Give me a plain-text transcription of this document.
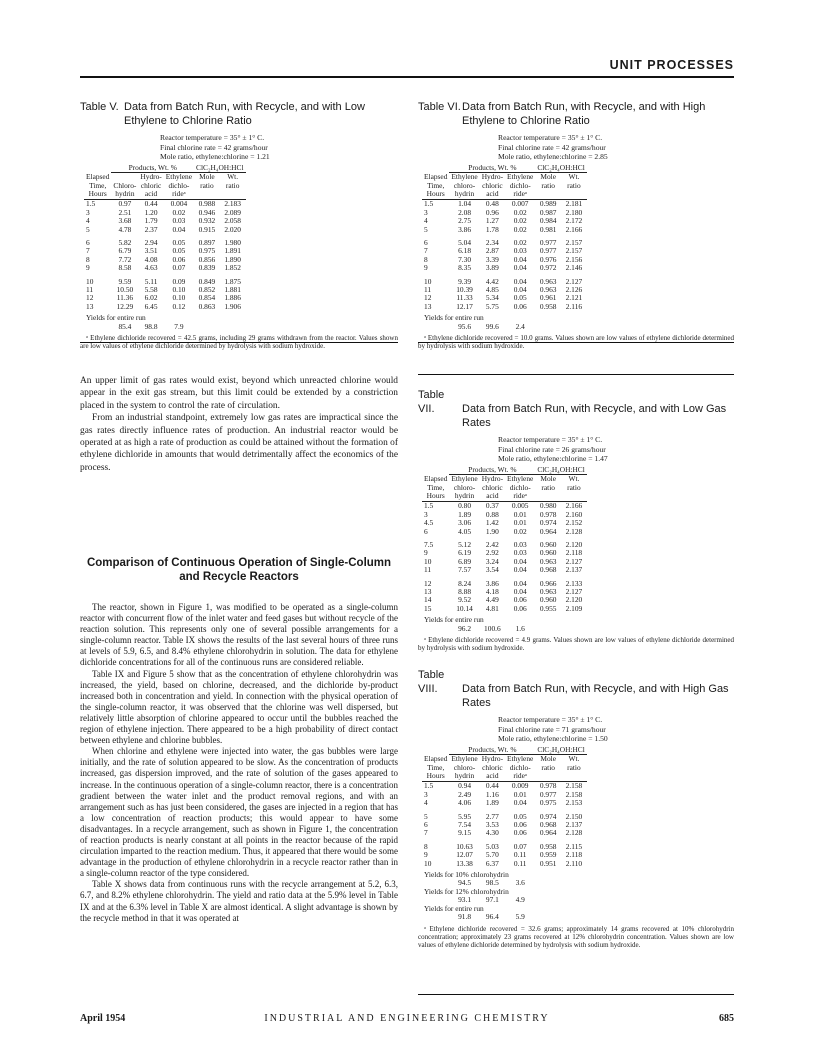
UNIT PROCESSES
Table V. Data from Batch Run, with Recycle, and with Low Ethylene to Chlorine Ratio
Reactor temperature = 35° ± 1° C.
Final chlorine rate = 42 grams/hour
Mole ratio, ethylene:chlorine = 1.21
	Products, Wt. %			ClC₂H₄OH:HCl	
Elapsed		Hydro-	Ethylene	Mole	Wt.
Time,	Chloro-	chloric	dichlo-	ratio	ratio
Hours	hydrin	acid	rideᵃ		
1.5	0.97	0.44	0.004	0.988	2.183
3	2.51	1.20	0.02	0.946	2.089
4	3.68	1.79	0.03	0.932	2.058
5	4.78	2.37	0.04	0.915	2.020

6	5.82	2.94	0.05	0.897	1.980
7	6.79	3.51	0.05	0.975	1.891
8	7.72	4.08	0.06	0.856	1.890
9	8.58	4.63	0.07	0.839	1.852

10	9.59	5.11	0.09	0.849	1.875
11	10.50	5.58	0.10	0.852	1.881
12	11.36	6.02	0.10	0.854	1.886
13	12.29	6.45	0.12	0.863	1.906
Yields for entire run					
	85.4	98.8	7.9		
ᵃ Ethylene dichloride recovered = 42.5 grams, including 29 grams withdrawn from the reactor. Values shown are low values of ethylene dichloride determined by hydrolysis with sodium hydroxide.
Table VI.Data from Batch Run, with Recycle, and with High Ethylene to Chlorine Ratio
Reactor temperature = 35° ± 1° C.
Final chlorine rate = 42 grams/hour
Mole ratio, ethylene:chlorine = 2.85
	Products, Wt. %			ClC₂H₄OH:HCl	
Elapsed	Ethylene	Hydro-	Ethylene	Mole	Wt.
Time,	chloro-	chloric	dichlo-	ratio	ratio
Hours	hydrin	acid	rideᵃ		
1.5	1.04	0.48	0.007	0.989	2.181
3	2.08	0.96	0.02	0.987	2.180
4	2.75	1.27	0.02	0.984	2.172
5	3.86	1.78	0.02	0.981	2.166

6	5.04	2.34	0.02	0.977	2.157
7	6.18	2.87	0.03	0.977	2.157
8	7.30	3.39	0.04	0.976	2.156
9	8.35	3.89	0.04	0.972	2.146

10	9.39	4.42	0.04	0.963	2.127
11	10.39	4.85	0.04	0.963	2.126
12	11.33	5.34	0.05	0.961	2.121
13	12.17	5.75	0.06	0.958	2.116
Yields for entire run					
	95.6	99.6	2.4		
ᵃ Ethylene dichloride recovered = 10.0 grams. Values shown are low values of ethylene dichloride determined by hydrolysis with sodium hydroxide.

An upper limit of gas rates would exist, beyond which unreacted chlorine would appear in the exit gas stream, but this limit could be extended by a constriction placed in the system to control the rate of circulation.

From an industrial standpoint, extremely low gas rates are impractical since the gas rates directly influence rates of production. An industrial reactor would be operated at as high a rate of production as could be attained without the formation of ethylene dichloride in amounts that would detrimentally affect the economics of the process.

Comparison of Continuous Operation of Single-Column and Recycle Reactors

The reactor, shown in Figure 1, was modified to be operated as a single-column reactor with concurrent flow of the inlet water and feed gases but without recycle of the reaction solution. This represents only one of several possible arrangements for a single-column reactor. Table IX shows the results of the last several hours of three runs at levels of 5.9, 6.5, and 8.4% ethylene chlorohydrin in solution. The data for ethylene dichloride concentrations for all of the continuous runs are considered reliable.

Table IX and Figure 5 show that as the concentration of ethylene chlorohydrin was increased, the yield, based on chlorine, decreased, and the dichloride by-product increased both in concentration and yield. In connection with the physical operation of the single-column reactor, it was observed that the chlorine was well dispersed, but relatively little absorption of chlorine appeared to occur until the bubbles reached the region of ethylene injection. There appeared to be a high probability of direct contact between ethylene and chlorine bubbles.

When chlorine and ethylene were injected into water, the gas bubbles were large initially, and the rate of solution appeared to be slow. As the concentration of products increased, gas dispersion improved, and the rate of solution of the gases appeared to increase. In the continuous operation of a single-column reactor, there is a concentration gradient between the water inlet and the product removal regions, and with an arrangement such as has just been considered, the gases are injected in a region that has a low concentration of reaction products; this would appear to have some disadvantages. In a recycle arrangement, such as shown in Figure 1, the concentration of reaction products is nearly constant at all points in the reactor because of the rapid circulation imparted to the reaction medium. Thus, it appeared that there would be some advantage in the production of ethylene chlorohydrin in a recycle reactor rather than in a single-column reactor of the type considered.

Table X shows data from continuous runs with the recycle arrangement at 5.2, 6.3, 6.7, and 8.2% ethylene chlorohydrin. The yield and ratio data at the 5.9% level in Table IX and at the 6.3% level in Table X are almost identical. A slight advantage is shown by the recycle method in that it was operated at

Table VII. Data from Batch Run, with Recycle, and with Low Gas Rates
Reactor temperature = 35° ± 1° C.
Final chlorine rate = 26 grams/hour
Mole ratio, ethylene:chlorine = 1.47
	Products, Wt. %			ClC₂H₄OH:HCl	
Elapsed	Ethylene	Hydro-	Ethylene	Mole	Wt.
Time,	chloro-	chloric	dichlo-	ratio	ratio
Hours	hydrin	acid	rideᵃ		
1.5	0.80	0.37	0.005	0.980	2.166
3	1.89	0.88	0.01	0.978	2.160
4.5	3.06	1.42	0.01	0.974	2.152
6	4.05	1.90	0.02	0.964	2.128

7.5	5.12	2.42	0.03	0.960	2.120
9	6.19	2.92	0.03	0.960	2.118
10	6.89	3.24	0.04	0.963	2.127
11	7.57	3.54	0.04	0.968	2.137

12	8.24	3.86	0.04	0.966	2.133
13	8.88	4.18	0.04	0.963	2.127
14	9.52	4.49	0.06	0.960	2.120
15	10.14	4.81	0.06	0.955	2.109
Yields for entire run					
	96.2	100.6	1.6		
ᵃ Ethylene dichloride recovered = 4.9 grams. Values shown are low values of ethylene dichloride determined by hydrolysis with sodium hydroxide.
Table VIII. Data from Batch Run, with Recycle, and with High Gas Rates
Reactor temperature = 35° ± 1° C.
Final chlorine rate = 71 grams/hour
Mole ratio, ethylene:chlorine = 1.50
	Products, Wt. %			ClC₂H₄OH:HCl	
Elapsed	Ethylene	Hydro-	Ethylene	Mole	Wt.
Time,	chloro-	chloric	dichlo-	ratio	ratio
Hours	hydrin	acid	rideᵃ		
1.5	0.94	0.44	0.009	0.978	2.158
3	2.49	1.16	0.01	0.977	2.158
4	4.06	1.89	0.04	0.975	2.153

5	5.95	2.77	0.05	0.974	2.150
6	7.54	3.53	0.06	0.968	2.137
7	9.15	4.30	0.06	0.964	2.128

8	10.63	5.03	0.07	0.958	2.115
9	12.07	5.70	0.11	0.959	2.118
10	13.38	6.37	0.11	0.951	2.110
Yields for 10% chlorohydrin					
	94.5	98.5	3.6		
Yields for 12% chlorohydrin					
	93.1	97.1	4.9		
Yields for entire run					
	91.8	96.4	5.9		
ᵃ Ethylene dichloride recovered = 32.6 grams; approximately 14 grams recovered at 10% chlorohydrin concentration; approximately 23 grams recovered at 12% chlorohydrin concentration. Values shown are low values of ethylene dichloride determined by hydrolysis with sodium hydroxide.
April 1954	INDUSTRIAL AND ENGINEERING CHEMISTRY	685
